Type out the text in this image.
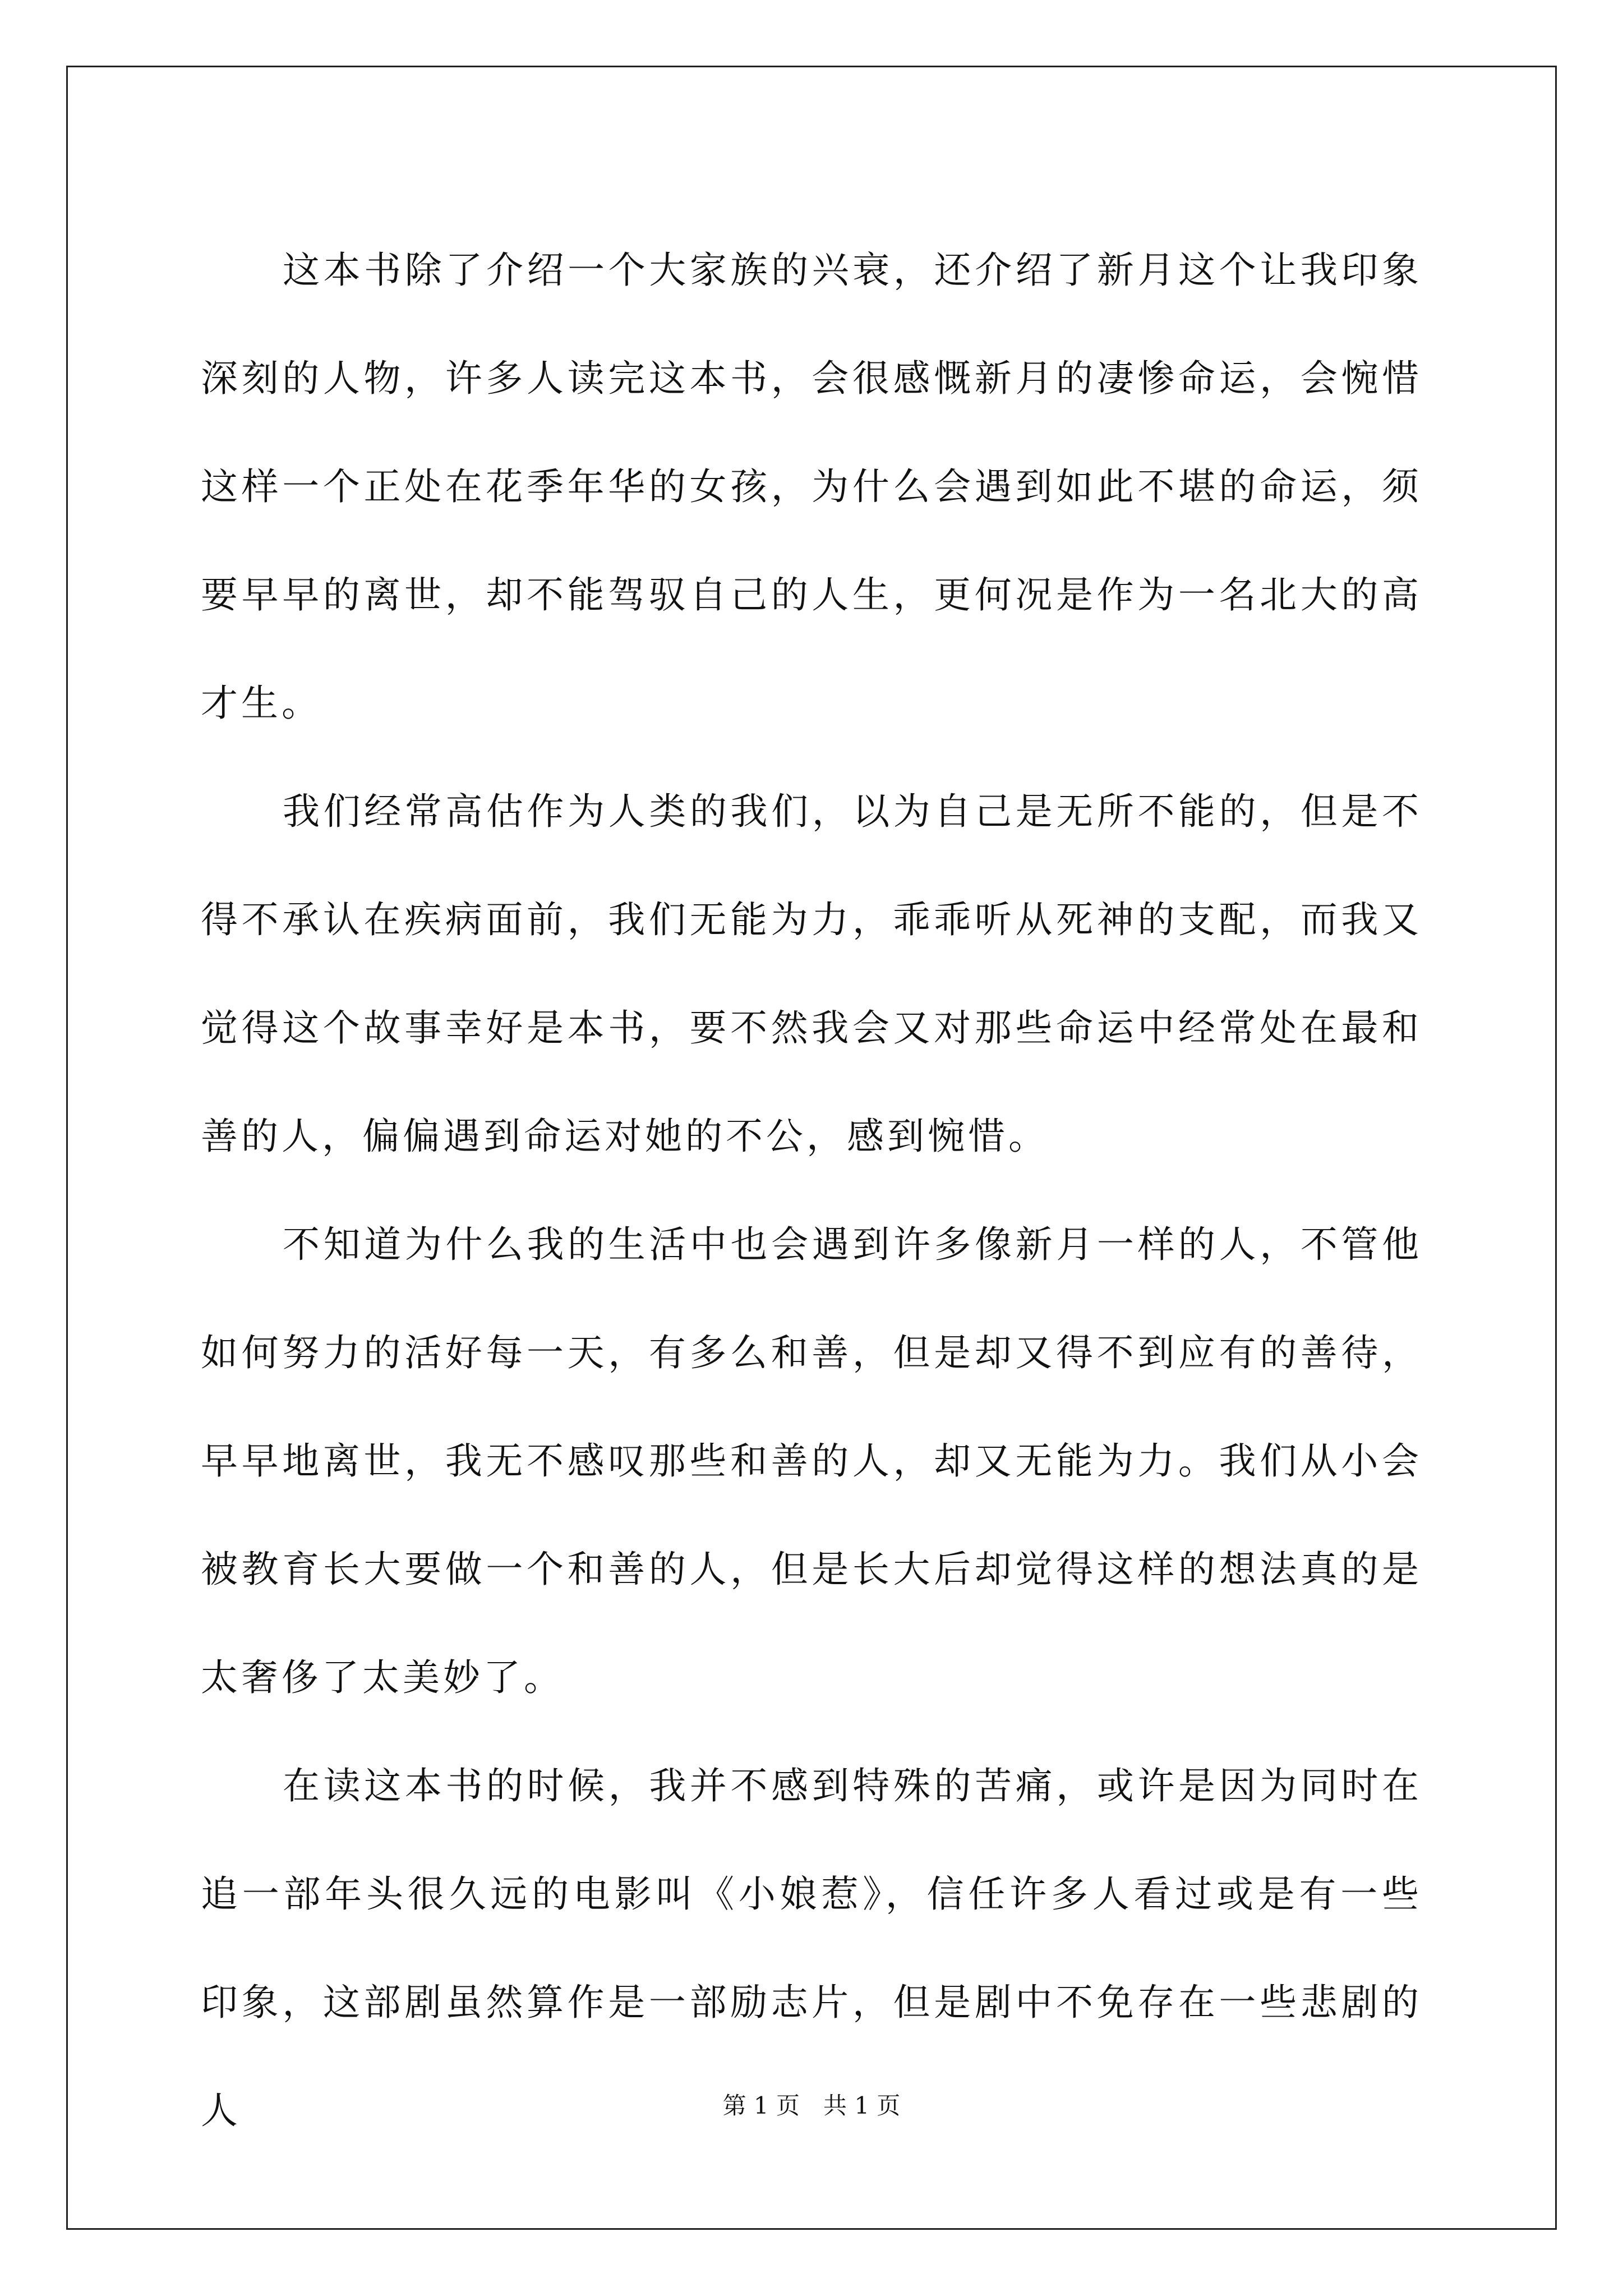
这本书除了介绍一个大家族的兴衰，还介绍了新月这个让我印象深刻的人物，许多人读完这本书，会很感慨新月的凄惨命运，会惋惜这样一个正处在花季年华的女孩，为什么会遇到如此不堪的命运，须要早早的离世，却不能驾驭自己的人生，更何况是作为一名北大的高才生。

我们经常高估作为人类的我们，以为自己是无所不能的，但是不得不承认在疾病面前，我们无能为力，乖乖听从死神的支配，而我又觉得这个故事幸好是本书，要不然我会又对那些命运中经常处在最和善的人，偏偏遇到命运对她的不公，感到惋惜。

不知道为什么我的生活中也会遇到许多像新月一样的人，不管他如何努力的活好每一天，有多么和善，但是却又得不到应有的善待，早早地离世，我无不感叹那些和善的人，却又无能为力。我们从小会被教育长大要做一个和善的人，但是长大后却觉得这样的想法真的是太奢侈了太美妙了。

在读这本书的时候，我并不感到特殊的苦痛，或许是因为同时在追一部年头很久远的电影叫《小娘惹》，信任许多人看过或是有一些印象，这部剧虽然算作是一部励志片，但是剧中不免存在一些悲剧的人	第 1 页　共 1 页
